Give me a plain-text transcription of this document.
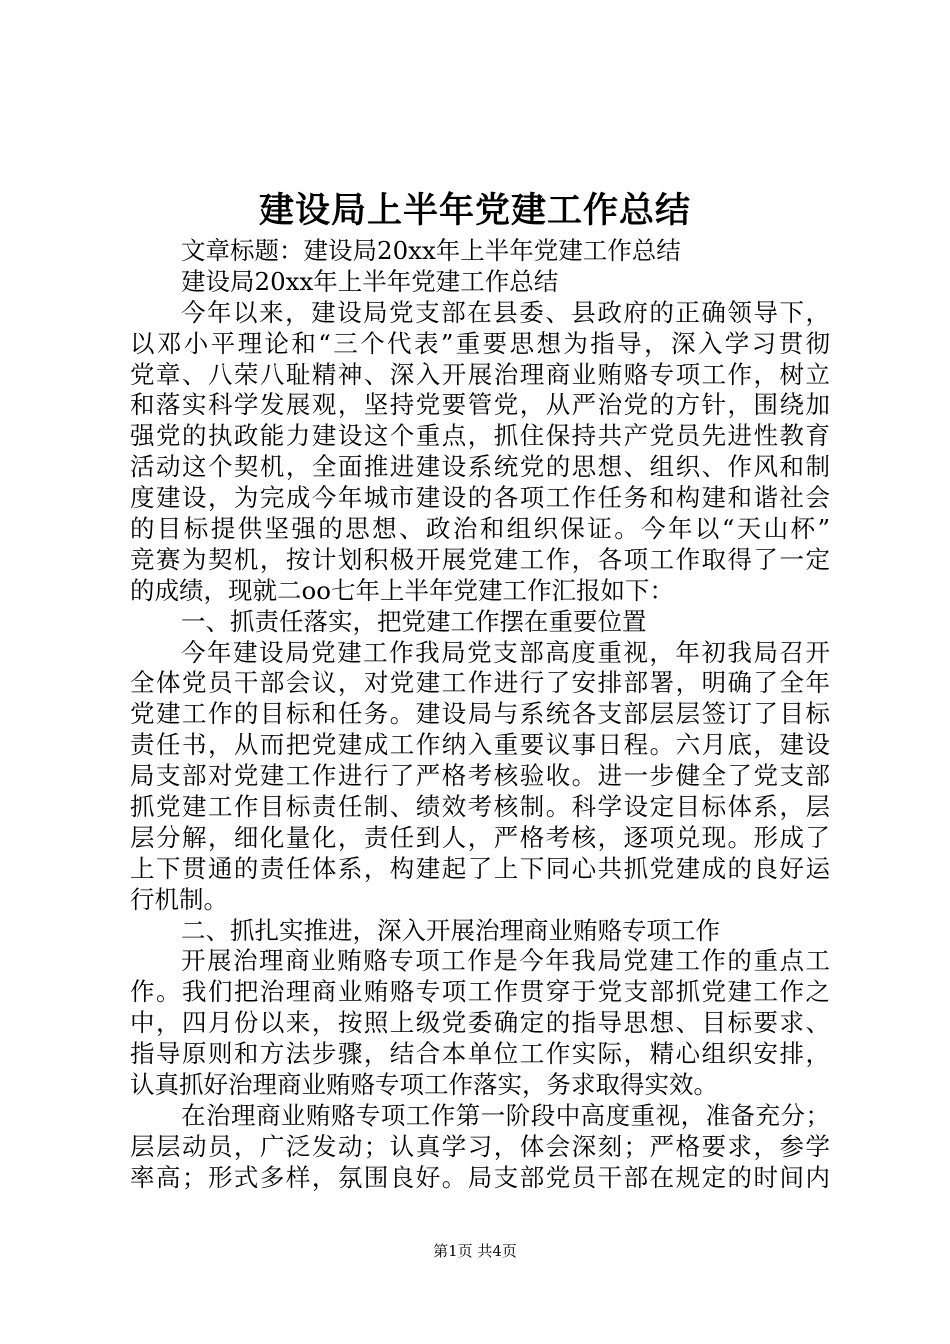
建设局上半年党建工作总结
文章标题：建设局20xx年上半年党建工作总结
建设局20xx年上半年党建工作总结
今年以来，建设局党支部在县委、县政府的正确领导下，
以邓小平理论和“三个代表”重要思想为指导，深入学习贯彻
党章、八荣八耻精神、深入开展治理商业贿赂专项工作，树立
和落实科学发展观，坚持党要管党，从严治党的方针，围绕加
强党的执政能力建设这个重点，抓住保持共产党员先进性教育
活动这个契机，全面推进建设系统党的思想、组织、作风和制
度建设，为完成今年城市建设的各项工作任务和构建和谐社会
的目标提供坚强的思想、政治和组织保证。今年以“天山杯”
竞赛为契机，按计划积极开展党建工作，各项工作取得了一定
的成绩，现就二oo七年上半年党建工作汇报如下：
一、抓责任落实，把党建工作摆在重要位置
今年建设局党建工作我局党支部高度重视，年初我局召开
全体党员干部会议，对党建工作进行了安排部署，明确了全年
党建工作的目标和任务。建设局与系统各支部层层签订了目标
责任书，从而把党建成工作纳入重要议事日程。六月底，建设
局支部对党建工作进行了严格考核验收。进一步健全了党支部
抓党建工作目标责任制、绩效考核制。科学设定目标体系，层
层分解，细化量化，责任到人，严格考核，逐项兑现。形成了
上下贯通的责任体系，构建起了上下同心共抓党建成的良好运
行机制。
二、抓扎实推进，深入开展治理商业贿赂专项工作
开展治理商业贿赂专项工作是今年我局党建工作的重点工
作。我们把治理商业贿赂专项工作贯穿于党支部抓党建工作之
中，四月份以来，按照上级党委确定的指导思想、目标要求、
指导原则和方法步骤，结合本单位工作实际，精心组织安排，
认真抓好治理商业贿赂专项工作落实，务求取得实效。
在治理商业贿赂专项工作第一阶段中高度重视，准备充分；
层层动员，广泛发动；认真学习，体会深刻；严格要求，参学
率高；形式多样，氛围良好。局支部党员干部在规定的时间内
第1页 共4页
